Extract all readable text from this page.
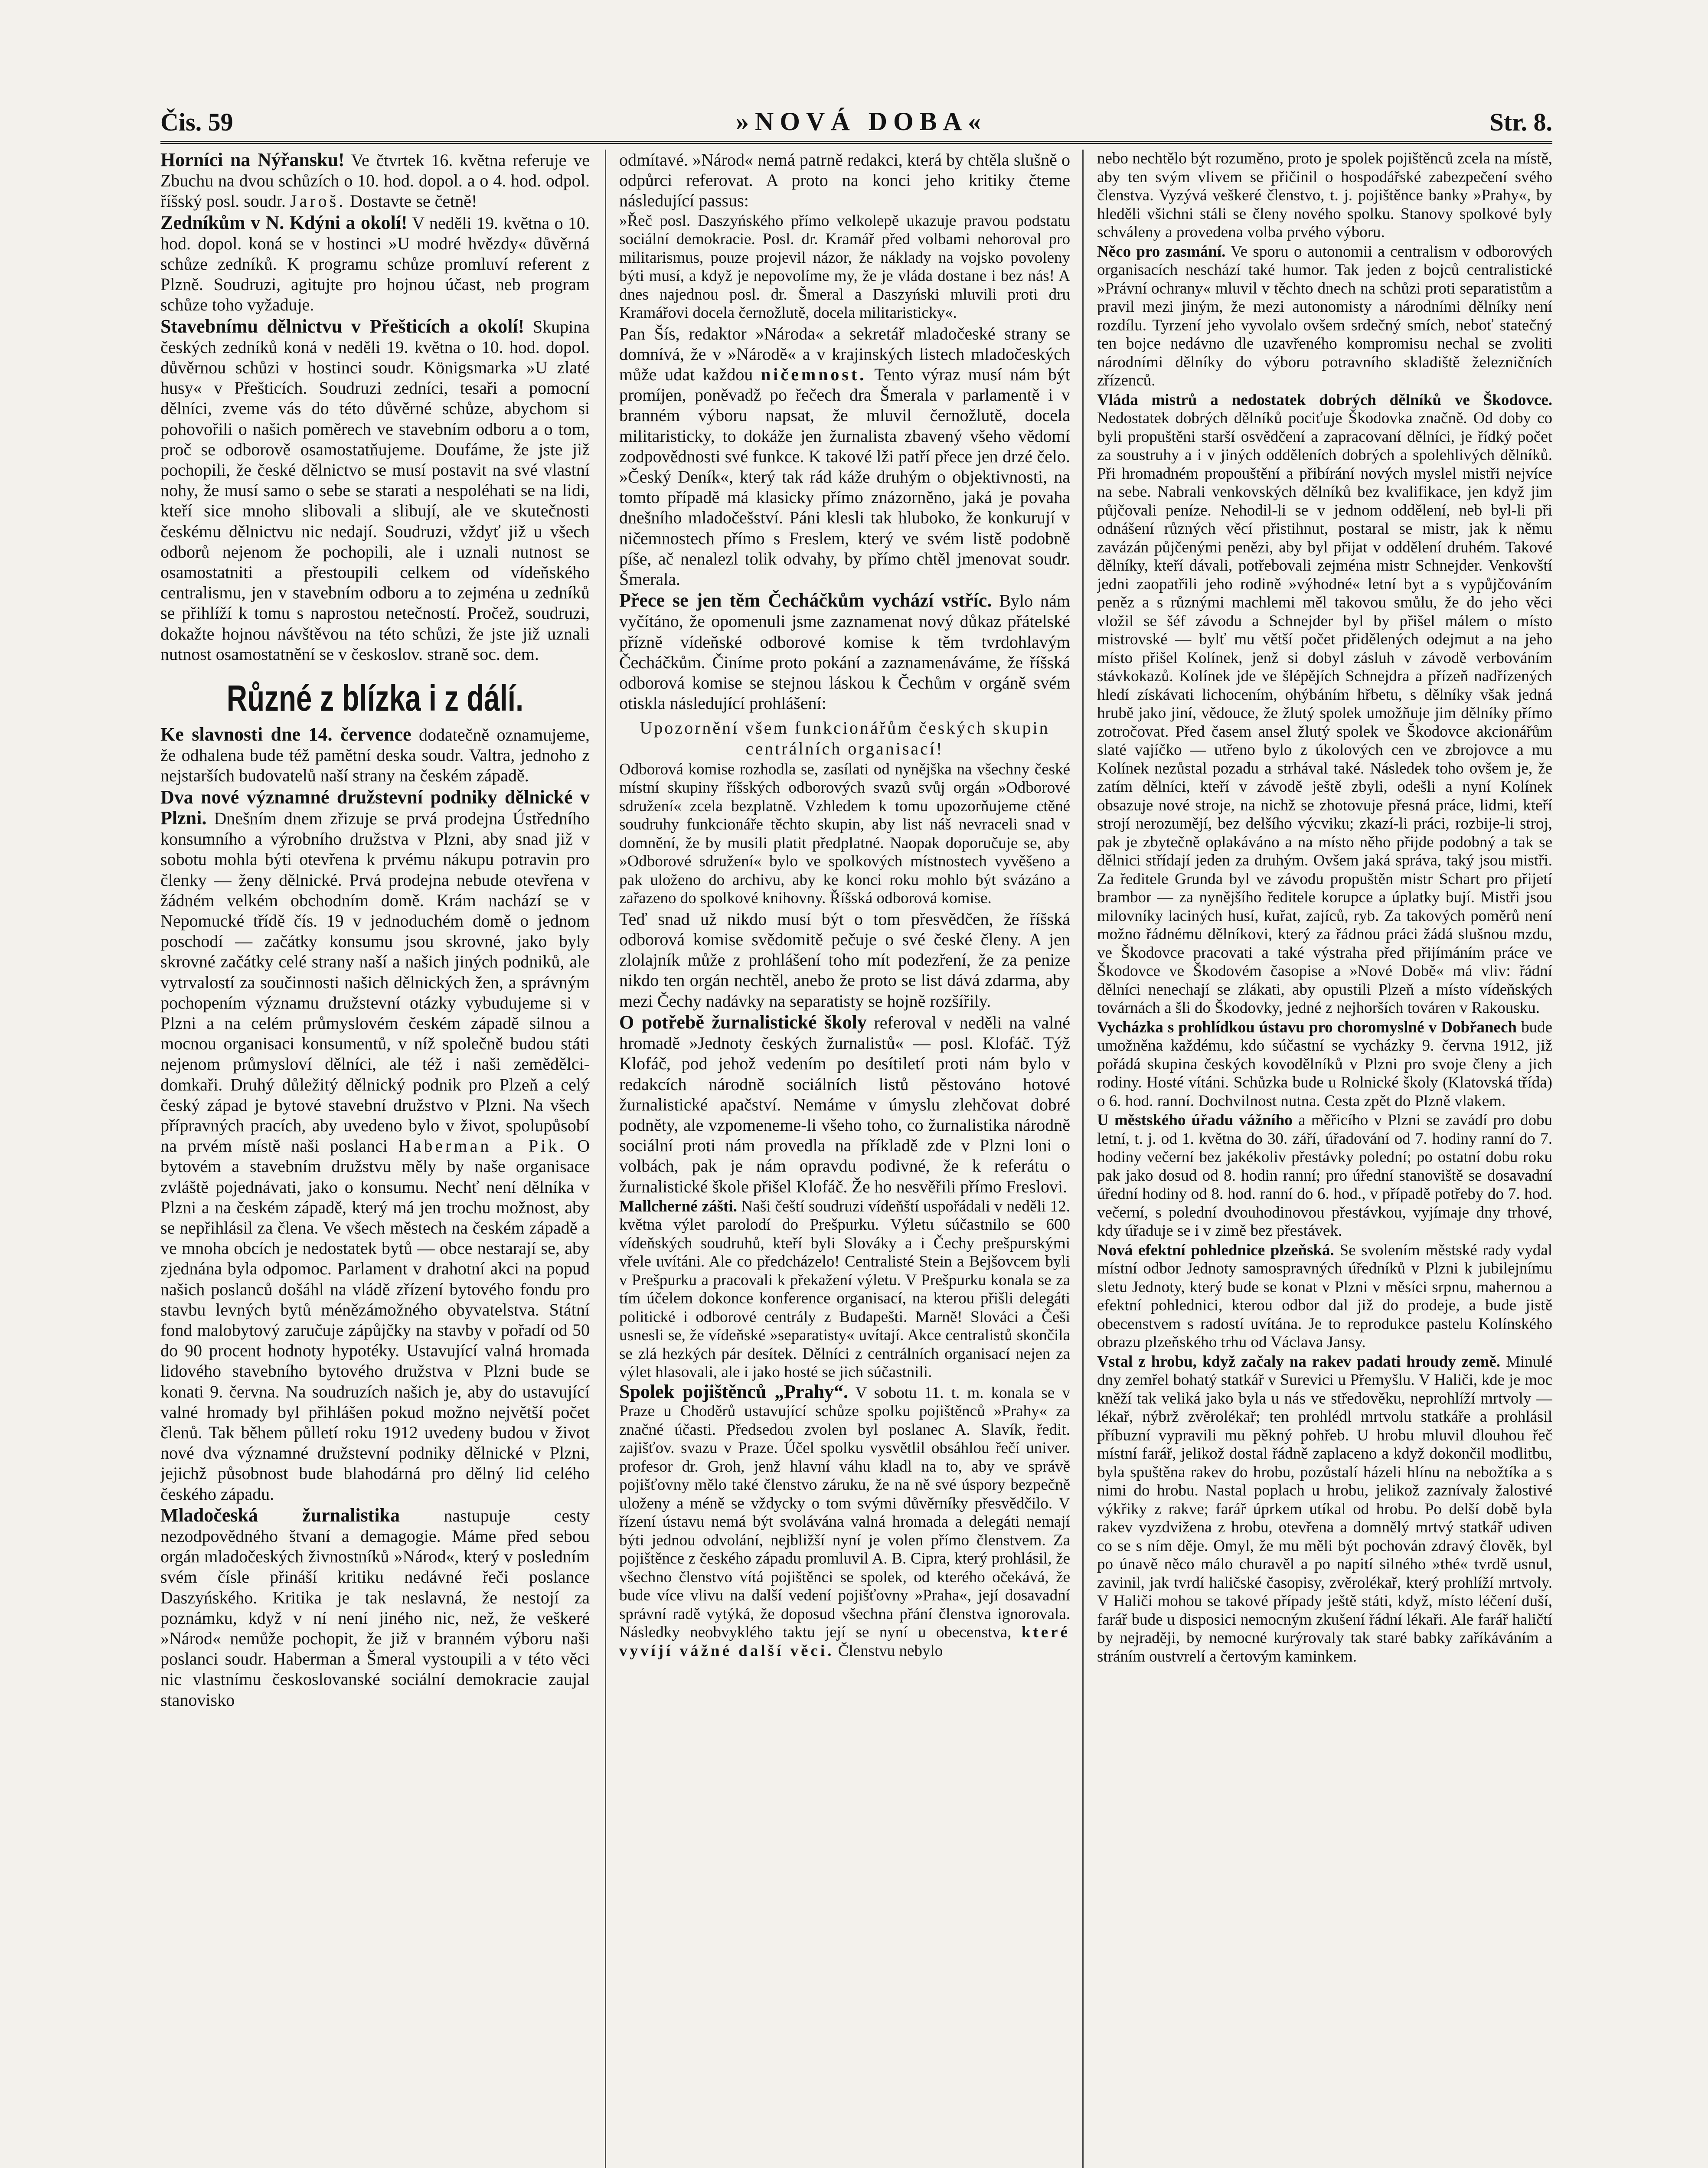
Čis. 59	»NOVÁ DOBA«	Str. 8.

Horníci na Nýřansku! Ve čtvrtek 16. května referuje ve Zbuchu na dvou schůzích o 10. hod. dopol. a o 4. hod. odpol. říšský posl. soudr. Jaroš. Dostavte se četně!

Zedníkům v N. Kdýni a okolí! V neděli 19. května o 10. hod. dopol. koná se v hostinci »U modré hvězdy« důvěrná schůze zedníků. K programu schůze promluví referent z Plzně. Soudruzi, agitujte pro hojnou účast, neb program schůze toho vyžaduje.

Stavebnímu dělnictvu v Přešticích a okolí! Skupina českých zedníků koná v neděli 19. května o 10. hod. dopol. důvěrnou schůzi v hostinci soudr. Königsmarka »U zlaté husy« v Přešticích. Soudruzi zedníci, tesaři a pomocní dělníci, zveme vás do této důvěrné schůze, abychom si pohovořili o našich poměrech ve stavebním odboru a o tom, proč se odborově osamostatňujeme. Doufáme, že jste již pochopili, že české dělnictvo se musí postavit na své vlastní nohy, že musí samo o sebe se starati a nespoléhati se na lidi, kteří sice mnoho slibovali a slibují, ale ve skutečnosti českému dělnictvu nic nedají. Soudruzi, vždyť již u všech odborů nejenom že pochopili, ale i uznali nutnost se osamostatniti a přestoupili celkem od vídeňského centralismu, jen v stavebním odboru a to zejména u zedníků se přihlíží k tomu s naprostou netečností. Pročež, soudruzi, dokažte hojnou návštěvou na této schůzi, že jste již uznali nutnost osamostatnění se v českoslov. straně soc. dem.

Různé z blízka i z dálí.

Ke slavnosti dne 14. července dodatečně oznamujeme, že odhalena bude též pamětní deska soudr. Valtra, jednoho z nejstarších budovatelů naší strany na českém západě.

Dva nové významné družstevní podniky dělnické v Plzni. Dnešním dnem zřizuje se prvá prodejna Ústředního konsumního a výrobního družstva v Plzni, aby snad již v sobotu mohla býti otevřena k prvému nákupu potravin pro členky — ženy dělnické. Prvá prodejna nebude otevřena v žádném velkém obchodním domě. Krám nachází se v Nepomucké třídě čís. 19 v jednoduchém domě o jednom poschodí — začátky konsumu jsou skrovné, jako byly skrovné začátky celé strany naší a našich jiných podniků, ale vytrvalostí za součinnosti našich dělnických žen, a správným pochopením významu družstevní otázky vybudujeme si v Plzni a na celém průmyslovém českém západě silnou a mocnou organisaci konsumentů, v níž společně budou státi nejenom průmysloví dělníci, ale též i naši zemědělci-domkaři. Druhý důležitý dělnický podnik pro Plzeň a celý český západ je bytové stavební družstvo v Plzni. Na všech přípravných pracích, aby uvedeno bylo v život, spolupůsobí na prvém místě naši poslanci Haberman a Pik. O bytovém a stavebním družstvu měly by naše organisace zvláště pojednávati, jako o konsumu. Nechť není dělníka v Plzni a na českém západě, který má jen trochu možnost, aby se nepřihlásil za člena. Ve všech městech na českém západě a ve mnoha obcích je nedostatek bytů — obce nestarají se, aby zjednána byla odpomoc. Parlament v drahotní akci na popud našich poslanců došáhl na vládě zřízení bytového fondu pro stavbu levných bytů ménězámožného obyvatelstva. Státní fond malobytový zaručuje zápůjčky na stavby v pořadí od 50 do 90 procent hodnoty hypotéky. Ustavující valná hromada lidového stavebního bytového družstva v Plzni bude se konati 9. června. Na soudruzích našich je, aby do ustavující valné hromady byl přihlášen pokud možno největší počet členů. Tak během půlletí roku 1912 uvedeny budou v život nové dva významné družstevní podniky dělnické v Plzni, jejichž působnost bude blahodárná pro dělný lid celého českého západu.

Mladočeská žurnalistika nastupuje cesty nezodpovědného štvaní a demagogie. Máme před sebou orgán mladočeských živnostníků »Národ«, který v posledním svém čísle přináší kritiku nedávné řeči poslance Daszyńského. Kritika je tak neslavná, že nestojí za poznámku, když v ní není jiného nic, než, že veškeré »Národ« nemůže pochopit, že již v branném výboru naši poslanci soudr. Haberman a Šmeral vystoupili a v této věci nic vlastnímu českoslovanské sociální demokracie zaujal stanovisko

odmítavé. »Národ« nemá patrně redakci, která by chtěla slušně o odpůrci referovat. A proto na konci jeho kritiky čteme následující passus:

»Řeč posl. Daszyńského přímo velkolepě ukazuje pravou podstatu sociální demokracie. Posl. dr. Kramář před volbami nehoroval pro militarismus, pouze projevil názor, že náklady na vojsko povoleny býti musí, a když je nepovolíme my, že je vláda dostane i bez nás! A dnes najednou posl. dr. Šmeral a Daszyński mluvili proti dru Kramářovi docela černožlutě, docela militaristicky«.

Pan Šís, redaktor »Národa« a sekretář mladočeské strany se domnívá, že v »Národě« a v krajinských listech mladočeských může udat každou ničemnost. Tento výraz musí nám být promíjen, poněvadž po řečech dra Šmerala v parlamentě i v branném výboru napsat, že mluvil černožlutě, docela militaristicky, to dokáže jen žurnalista zbavený všeho vědomí zodpovědnosti své funkce. K takové lži patří přece jen drzé čelo. »Český Deník«, který tak rád káže druhým o objektivnosti, na tomto případě má klasicky přímo znázorněno, jaká je povaha dnešního mladočešství. Páni klesli tak hluboko, že konkurují v ničemnostech přímo s Freslem, který ve svém listě podobně píše, ač nenalezl tolik odvahy, by přímo chtěl jmenovat soudr. Šmerala.

Přece se jen těm Čecháčkům vychází vstříc. Bylo nám vyčítáno, že opomenuli jsme zaznamenat nový důkaz přátelské přízně vídeňské odborové komise k těm tvrdohlavým Čecháčkům. Činíme proto pokání a zaznamenáváme, že říšská odborová komise se stejnou láskou k Čechům v orgáně svém otiskla následující prohlášení:

Upozornění všem funkcionářům českých skupin centrálních organisací!

Odborová komise rozhodla se, zasílati od nynějška na všechny české místní skupiny říšských odborových svazů svůj orgán »Odborové sdružení« zcela bezplatně. Vzhledem k tomu upozorňujeme ctěné soudruhy funkcionáře těchto skupin, aby list náš nevraceli snad v domnění, že by musili platit předplatné. Naopak doporučuje se, aby »Odborové sdružení« bylo ve spolkových místnostech vyvěšeno a pak uloženo do archivu, aby ke konci roku mohlo být svázáno a zařazeno do spolkové knihovny. Říšská odborová komise.

Teď snad už nikdo musí být o tom přesvědčen, že říšská odborová komise svědomitě pečuje o své české členy. A jen zlolajník může z prohlášení toho mít podezření, že za penize nikdo ten orgán nechtěl, anebo že proto se list dává zdarma, aby mezi Čechy nadávky na separatisty se hojně rozšířily.

O potřebě žurnalistické školy referoval v neděli na valné hromadě »Jednoty českých žurnalistů« — posl. Klofáč. Týž Klofáč, pod jehož vedením po desítiletí proti nám bylo v redakcích národně sociálních listů pěstováno hotové žurnalistické apačství. Nemáme v úmyslu zlehčovat dobré podněty, ale vzpomeneme-li všeho toho, co žurnalistika národně sociální proti nám provedla na příkladě zde v Plzni loni o volbách, pak je nám opravdu podivné, že k referátu o žurnalistické škole přišel Klofáč. Že ho nesvěřili přímo Freslovi.

Mallcherné zášti. Naši čeští soudruzi vídeňští uspořádali v neděli 12. května výlet parolodí do Prešpurku. Výletu súčastnilo se 600 vídeňských soudruhů, kteří byli Slováky a i Čechy prešpurskými vřele uvítáni. Ale co předcházelo! Centralisté Stein a Bejšovcem byli v Prešpurku a pracovali k překažení výletu. V Prešpurku konala se za tím účelem dokonce konference organisací, na kterou přišli delegáti politické i odborové centrály z Budapešti. Marně! Slováci a Češi usnesli se, že vídeňské »separatisty« uvítají. Akce centralistů skončila se zlá hezkých pár desítek. Dělníci z centrálních organisací nejen za výlet hlasovali, ale i jako hosté se jich súčastnili.

Spolek pojištěnců „Prahy“. V sobotu 11. t. m. konala se v Praze u Choděrů ustavující schůze spolku pojištěnců »Prahy« za značné účasti. Předsedou zvolen byl poslanec A. Slavík, ředit. zajišťov. svazu v Praze. Účel spolku vysvětlil obsáhlou řečí univer. profesor dr. Groh, jenž hlavní váhu kladl na to, aby ve správě pojišťovny mělo také členstvo záruku, že na ně své úspory bezpečně uloženy a méně se vždycky o tom svými důvěrníky přesvědčilo. V řízení ústavu nemá být svolávána valná hromada a delegáti nemají býti jednou odvolání, nejbližší nyní je volen přímo členstvem. Za pojištěnce z českého západu promluvil A. B. Cipra, který prohlásil, že všechno členstvo vítá pojištěnci se spolek, od kterého očekává, že bude více vlivu na další vedení pojišťovny »Praha«, její dosavadní správní radě vytýká, že doposud všechna přání členstva ignorovala. Následky neobvyklého taktu její se nyní u obecenstva, které vyvíjí vážné další věci. Členstvu nebylo

nebo nechtělo být rozuměno, proto je spolek pojištěnců zcela na místě, aby ten svým vlivem se přičinil o hospodářské zabezpečení svého členstva. Vyzývá veškeré členstvo, t. j. pojištěnce banky »Prahy«, by hleděli všichni stáli se členy nového spolku. Stanovy spolkové byly schváleny a provedena volba prvého výboru.

Něco pro zasmání. Ve sporu o autonomii a centralism v odborových organisacích neschází také humor. Tak jeden z bojců centralistické »Právní ochrany« mluvil v těchto dnech na schůzi proti separatistům a pravil mezi jiným, že mezi autonomisty a národními dělníky není rozdílu. Tyrzení jeho vyvolalo ovšem srdečný smích, neboť statečný ten bojce nedávno dle uzavřeného kompromisu nechal se zvoliti národními dělníky do výboru potravního skladiště železničních zřízenců.

Vláda mistrů a nedostatek dobrých dělníků ve Škodovce. Nedostatek dobrých dělníků pociťuje Škodovka značně. Od doby co byli propuštěni starší osvědčení a zapracovaní dělníci, je řídký počet za soustruhy a i v jiných odděleních dobrých a spolehlivých dělníků. Při hromadném propouštění a přibírání nových myslel mistři nejvíce na sebe. Nabrali venkovských dělníků bez kvalifikace, jen když jim půjčovali peníze. Nehodil-li se v jednom oddělení, neb byl-li při odnášení různých věcí přistihnut, postaral se mistr, jak k němu zavázán půjčenými penězi, aby byl přijat v oddělení druhém. Takové dělníky, kteří dávali, potřebovali zejména mistr Schnejder. Venkovští jedni zaopatřili jeho rodině »výhodné« letní byt a s vypůjčováním peněz a s různými machlemi měl takovou smůlu, že do jeho věci vložil se šéf závodu a Schnejder byl by přišel málem o místo mistrovské — bylť mu větší počet přidělených odejmut a na jeho místo přišel Kolínek, jenž si dobyl zásluh v závodě verbováním stávkokazů. Kolínek jde ve šlépějích Schnejdra a přízeň nadřízených hledí získávati lichocením, ohýbáním hřbetu, s dělníky však jedná hrubě jako jiní, vědouce, že žlutý spolek umožňuje jim dělníky přímo zotročovat. Před časem ansel žlutý spolek ve Škodovce akcionářům slaté vajíčko — utřeno bylo z úkolových cen ve zbrojovce a mu Kolínek nezůstal pozadu a strhával také. Následek toho ovšem je, že zatím dělníci, kteří v závodě ještě zbyli, odešli a nyní Kolínek obsazuje nové stroje, na nichž se zhotovuje přesná práce, lidmi, kteří strojí nerozumějí, bez delšího výcviku; zkazí-li práci, rozbije-li stroj, pak je zbytečně oplakáváno a na místo něho přijde podobný a tak se dělnici střídají jeden za druhým. Ovšem jaká správa, taký jsou mistři. Za ředitele Grunda byl ve závodu propuštěn mistr Schart pro přijetí brambor — za nynějšího ředitele korupce a úplatky bují. Mistři jsou milovníky laciných husí, kuřat, zajíců, ryb. Za takových poměrů není možno řádnému dělníkovi, který za řádnou práci žádá slušnou mzdu, ve Škodovce pracovati a také výstraha před přijímáním práce ve Škodovce ve Škodovém časopise a »Nové Době« má vliv: řádní dělníci nenechají se zlákati, aby opustili Plzeň a místo vídeňských továrnách a šli do Škodovky, jedné z nejhorších továren v Rakousku.

Vycházka s prohlídkou ústavu pro choromyslné v Dobřanech bude umožněna každému, kdo súčastní se vycházky 9. června 1912, již pořádá skupina českých kovodělníků v Plzni pro svoje členy a jich rodiny. Hosté vítáni. Schůzka bude u Rolnické školy (Klatovská třída) o 6. hod. ranní. Dochvilnost nutna. Cesta zpět do Plzně vlakem.

U městského úřadu vážního a měřicího v Plzni se zavádí pro dobu letní, t. j. od 1. května do 30. září, úřadování od 7. hodiny ranní do 7. hodiny večerní bez jakékoliv přestávky polední; po ostatní dobu roku pak jako dosud od 8. hodin ranní; pro úřední stanoviště se dosavadní úřední hodiny od 8. hod. ranní do 6. hod., v případě potřeby do 7. hod. večerní, s polední dvouhodinovou přestávkou, vyjímaje dny trhové, kdy úřaduje se i v zimě bez přestávek.

Nová efektní pohlednice plzeňská. Se svolením městské rady vydal místní odbor Jednoty samospravných úředníků v Plzni k jubilejnímu sletu Jednoty, který bude se konat v Plzni v měsíci srpnu, mahernou a efektní pohlednici, kterou odbor dal již do prodeje, a bude jistě obecenstvem s radostí uvítána. Je to reprodukce pastelu Kolínského obrazu plzeňského trhu od Václava Jansy.

Vstal z hrobu, když začaly na rakev padati hroudy země. Minulé dny zemřel bohatý statkář v Surevici u Přemyšlu. V Haliči, kde je moc kněží tak veliká jako byla u nás ve středověku, neprohlíží mrtvoly — lékař, nýbrž zvěrolékař; ten prohlédl mrtvolu statkáře a prohlásil příbuzní vypravili mu pěkný pohřeb. U hrobu mluvil dlouhou řeč místní farář, jelikož dostal řádně zaplaceno a když dokončil modlitbu, byla spuštěna rakev do hrobu, pozůstalí házeli hlínu na nebožtíka a s nimi do hrobu. Nastal poplach u hrobu, jelikož zaznívaly žalostivé výkřiky z rakve; farář úprkem utíkal od hrobu. Po delší době byla rakev vyzdvižena z hrobu, otevřena a domnělý mrtvý statkář udiven co se s ním děje. Omyl, že mu měli být pochován zdravý člověk, byl po únavě něco málo churavěl a po napití silného »thé« tvrdě usnul, zavinil, jak tvrdí haličské časopisy, zvěrolékař, který prohlíží mrtvoly. V Haliči mohou se takové případy ještě státi, když, místo léčení duší, farář bude u disposici nemocným zkušení řádní lékaři. Ale farář haličtí by nejraději, by nemocné kurýrovaly tak staré babky zaříkáváním a stráním oustvrelí a čertovým kaminkem.
